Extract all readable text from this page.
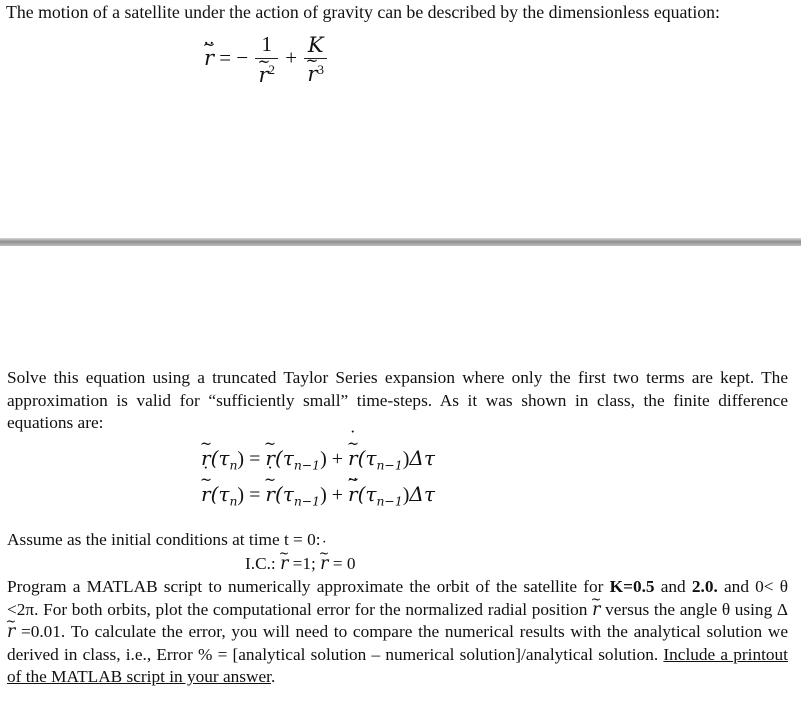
The motion of a satellite under the action of gravity can be described by the dimensionless equation:
~ r ‥ = − 1
~ $r^2 + K$
~ $r^3$
Solve this equation using a truncated Taylor Series expansion where only the first two terms are kept. The approximation is valid for “sufficiently small” time-steps. As it was shown in class, the finite difference equations are:
~ $r(\tau_n)$ = ~ $r(\tau_{n-1})$ + ~ r $˙(\tau_{n-1})\Delta\tau$
~ r $˙(\tau_n)$ = ~ r $˙(\tau_{n-1})$ + ~ r $‥(\tau_{n-1})\Delta\tau$
Assume as the initial conditions at time t = 0:
I.C.: ~ r =1; ~ r ˙ = 0
Program a MATLAB script to numerically approximate the orbit of the satellite for K=0.5 and 2.0. and 0< θ <2π. For both orbits, plot the computational error for the normalized radial position ~ r versus the angle θ using Δ~ r =0.01. To calculate the error, you will need to compare the numerical results with the analytical solution we derived in class, i.e., Error % = [analytical solution – numerical solution]/analytical solution. Include a printout of the MATLAB script in your answer.
